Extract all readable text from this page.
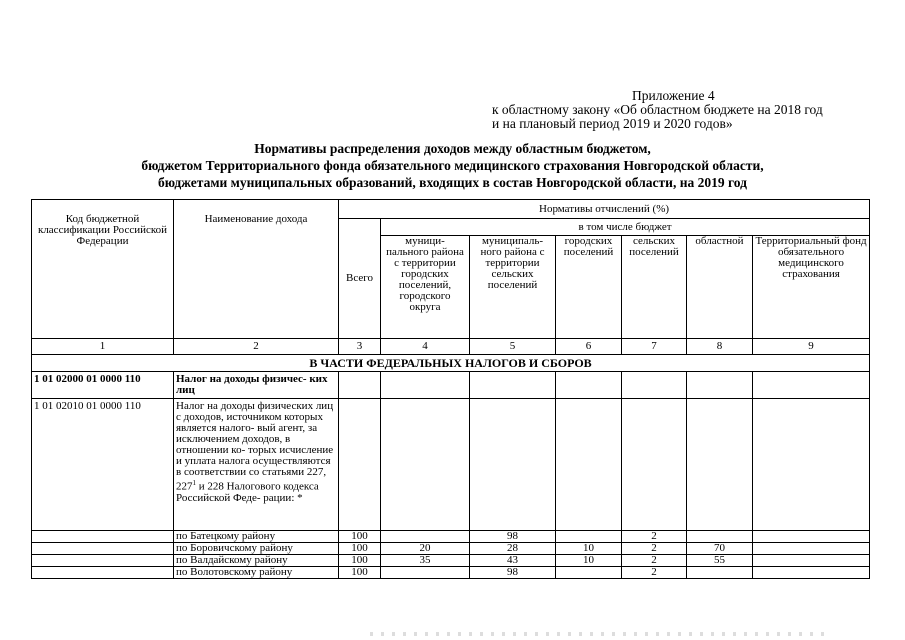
Приложение 4
к областному закону «Об областном бюджете на 2018 год
и на плановый период 2019 и 2020 годов»
Нормативы распределения доходов между областным бюджетом,
бюджетом Территориального фонда обязательного медицинского страхования Новгородской области,
бюджетами муниципальных образований, входящих в состав Новгородской области, на 2019 год
Код бюджетной классификации Российской Федерации	Наименование дохода	Нормативы отчислений (%)						
		Всего	в том числе бюджет					
			муници- пального района с территории городских поселений, городского округа	муниципаль- ного района с территории сельских поселений	городских поселений	сельских поселений	областной	Территориальный фонд обязательного медицинского страхования
1	2	3	4	5	6	7	8	9
В ЧАСТИ ФЕДЕРАЛЬНЫХ НАЛОГОВ И СБОРОВ								
1 01 02000 01 0000 110	Налог на доходы физичес- ких лиц							
1 01 02010 01 0000 110	Налог на доходы физических лиц с доходов, источником которых является налого- вый агент, за исключением доходов, в отношении ко- торых исчисление и уплата налога осуществляются в соответствии со статьями 227, $227^1$ и 228 Налогового кодекса Российской Феде- рации: *							
	по Батецкому району	100		98		2		
	по Боровичскому району	100	20	28	10	2	70	
	по Валдайскому району	100	35	43	10	2	55	
	по Волотовскому району	100		98		2		
